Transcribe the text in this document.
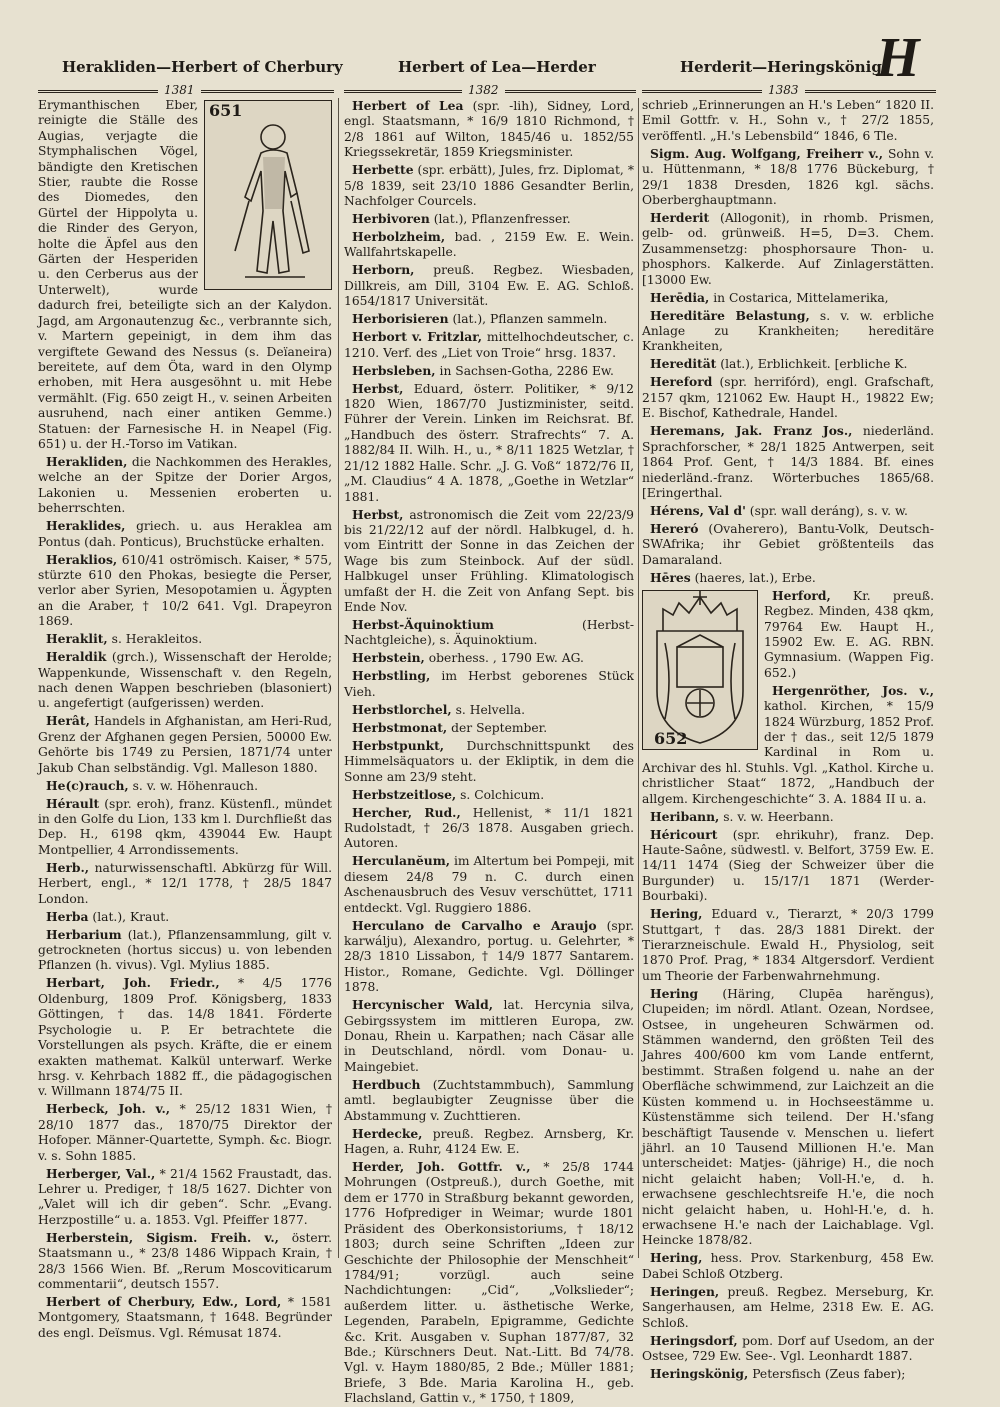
Herakliden—Herbert of Cherbury	Herbert of Lea—Herder	Herderit—Heringskönig
H
1381	1382	1383

651
Erymanthischen Eber, reinigte die Ställe des Augias, verjagte die Stymphalischen Vögel, bändigte den Kretischen Stier, raubte die Rosse des Diomedes, den Gürtel der Hippolyta u. die Rinder des Geryon, holte die Äpfel aus den Gärten der Hesperiden u. den Cerberus aus der Unterwelt), wurde dadurch frei, beteiligte sich an der Kalydon. Jagd, am Argonautenzug &c., verbrannte sich, v. Martern gepeinigt, in dem ihm das vergiftete Gewand des Nessus (s. Deïaneira) bereitete, auf dem Öta, ward in den Olymp erhoben, mit Hera ausgesöhnt u. mit Hebe vermählt. (Fig. 650 zeigt H., v. seinen Arbeiten ausruhend, nach einer antiken Gemme.) Statuen: der Farnesische H. in Neapel (Fig. 651) u. der H.-Torso im Vatikan.

Herakliden, die Nachkommen des Herakles, welche an der Spitze der Dorier Argos, Lakonien u. Messenien eroberten u. beherrschten.

Heraklides, griech. u. aus Herakleа am Pontus (dah. Ponticus), Bruchstücke erhalten.

Heraklios, 610/41 oströmisch. Kaiser, * 575, stürzte 610 den Phokas, besiegte die Perser, verlor aber Syrien, Mesopotamien u. Ägypten an die Araber, † 10/2 641. Vgl. Drapeyron 1869.

Heraklit, s. Herakleitos.

Heraldik (grch.), Wissenschaft der Herolde; Wappenkunde, Wissenschaft v. den Regeln, nach denen Wappen beschrieben (blasoniert) u. angefertigt (aufgerissen) werden.

Herât, Handels in Afghanistan, am Heri-Rud, Grenz der Afghanen gegen Persien, 50000 Ew. Gehörte bis 1749 zu Persien, 1871/74 unter Jakub Chan selbständig. Vgl. Malleson 1880.

He(c)rauch, s. v. w. Höhenrauch.

Hérault (spr. eroh), franz. Küstenfl., mündet in den Golfe du Lion, 133 km l. Durchfließt das Dep. H., 6198 qkm, 439044 Ew. Haupt Montpellier, 4 Arrondissements.

Herb., naturwissenschaftl. Abkürzg für Will. Herbert, engl., * 12/1 1778, † 28/5 1847 London.

Herba (lat.), Kraut.

Herbarium (lat.), Pflanzensammlung, gilt v. getrockneten (hortus siccus) u. von lebenden Pflanzen (h. vivus). Vgl. Mylius 1885.

Herbart, Joh. Friedr., * 4/5 1776 Oldenburg, 1809 Prof. Königsberg, 1833 Göttingen, † das. 14/8 1841. Förderte Psychologie u. P. Er betrachtete die Vorstellungen als psych. Kräfte, die er einem exakten mathemat. Kalkül unterwarf. Werke hrsg. v. Kehrbach 1882 ff., die pädagogischen v. Willmann 1874/75 II.

Herbeck, Joh. v., * 25/12 1831 Wien, † 28/10 1877 das., 1870/75 Direktor der Hofoper. Männer-Quartette, Symph. &c. Biogr. v. s. Sohn 1885.

Herberger, Val., * 21/4 1562 Fraustadt, das. Lehrer u. Prediger, † 18/5 1627. Dichter von „Valet will ich dir geben“. Schr. „Evang. Herzpostille“ u. a. 1853. Vgl. Pfeiffer 1877.

Herberstein, Sigism. Freih. v., österr. Staatsmann u., * 23/8 1486 Wippach Krain, † 28/3 1566 Wien. Bf. „Rerum Moscoviticarum commentarii“, deutsch 1557.

Herbert of Cherbury, Edw., Lord, * 1581 Montgomery, Staatsmann, † 1648. Begründer des engl. Deïsmus. Vgl. Rémusat 1874.

Herbert of Lea (spr. -lih), Sidney, Lord, engl. Staatsmann, * 16/9 1810 Richmond, † 2/8 1861 auf Wilton, 1845/46 u. 1852/55 Kriegssekretär, 1859 Kriegsminister.

Herbette (spr. erbätt), Jules, frz. Diplomat, * 5/8 1839, seit 23/10 1886 Gesandter Berlin, Nachfolger Courcels.

Herbivoren (lat.), Pflanzenfresser.

Herbolzheim, bad. , 2159 Ew. E. Wein. Wallfahrtskapelle.

Herborn, preuß. Regbez. Wiesbaden, Dillkreis, am Dill, 3104 Ew. E. AG. Schloß. 1654/1817 Universität.

Herborisieren (lat.), Pflanzen sammeln.

Herbort v. Fritzlar, mittelhochdeutscher, c. 1210. Verf. des „Liet von Troie“ hrsg. 1837.

Herbsleben, in Sachsen-Gotha, 2286 Ew.

Herbst, Eduard, österr. Politiker, * 9/12 1820 Wien, 1867/70 Justizminister, seitd. Führer der Verein. Linken im Reichsrat. Bf. „Handbuch des österr. Strafrechts“ 7. A. 1882/84 II. Wilh. H., u., * 8/11 1825 Wetzlar, † 21/12 1882 Halle. Schr. „J. G. Voß“ 1872/76 II, „M. Claudius“ 4 A. 1878, „Goethe in Wetzlar“ 1881.

Herbst, astronomisch die Zeit vom 22/23/9 bis 21/22/12 auf der nördl. Halbkugel, d. h. vom Eintritt der Sonne in das Zeichen der Wage bis zum Steinbock. Auf der südl. Halbkugel unser Frühling. Klimatologisch umfaßt der H. die Zeit von Anfang Sept. bis Ende Nov.

Herbst-Äquinoktium	(Herbst-Nachtgleiche), s. Äquinoktium.

Herbstein, oberhess. , 1790 Ew. AG.

Herbstling, im Herbst geborenes Stück Vieh.

Herbstlorchel, s. Helvella.

Herbstmonat, der September.

Herbstpunkt, Durchschnittspunkt des Himmelsäquators u. der Ekliptik, in dem die Sonne am 23/9 steht.

Herbstzeitlose, s. Colchicum.

Hercher, Rud., Hellenist, * 11/1 1821 Rudolstadt, † 26/3 1878. Ausgaben griech. Autoren.

Herculanĕum, im Altertum bei Pompeji, mit diesem 24/8 79 n. C. durch einen Aschenausbruch des Vesuv verschüttet, 1711 entdeckt. Vgl. Ruggiero 1886.

Herculano de Carvalho e Araujo (spr. karwálju), Alexandro, portug. u. Gelehrter, * 28/3 1810 Lissabon, † 14/9 1877 Santarem. Histor., Romane, Gedichte. Vgl. Döllinger 1878.

Hercynischer Wald, lat. Hercynia silva, Gebirgssystem im mittleren Europa, zw. Donau, Rhein u. Karpathen; nach Cäsar alle in Deutschland, nördl. vom Donau- u. Maingebiet.

Herdbuch (Zuchtstammbuch), Sammlung amtl. beglaubigter Zeugnisse über die Abstammung v. Zuchttieren.

Herdecke, preuß. Regbez. Arnsberg, Kr. Hagen, a. Ruhr, 4124 Ew. E.

Herder, Joh. Gottfr. v., * 25/8 1744 Mohrungen (Ostpreuß.), durch Goethe, mit dem er 1770 in Straßburg bekannt geworden, 1776 Hofprediger in Weimar; wurde 1801 Präsident des Oberkonsistoriums, † 18/12 1803; durch seine Schriften „Ideen zur Geschichte der Philosophie der Menschheit“ 1784/91; vorzügl. auch seine Nachdichtungen: „Cid“, „Volkslieder“; außerdem litter. u. ästhetische Werke, Legenden, Parabeln, Epigramme, Gedichte &c. Krit. Ausgaben v. Suphan 1877/87, 32 Bde.; Kürschners Deut. Nat.-Litt. Bd 74/78. Vgl. v. Haym 1880/85, 2 Bde.; Müller 1881; Briefe, 3 Bde. Maria Karolina H., geb. Flachsland, Gattin v., * 1750, † 1809,

schrieb „Erinnerungen an H.'s Leben“ 1820 II. Emil Gottfr. v. H., Sohn v., † 27/2 1855, veröffentl. „H.'s Lebensbild“ 1846, 6 Tle.

Sigm. Aug. Wolfgang, Freiherr v., Sohn v. u. Hüttenmann, * 18/8 1776 Bückeburg, † 29/1 1838 Dresden, 1826 kgl. sächs. Oberberghauptmann.

Herderit (Allogonit), in rhomb. Prismen, gelb- od. grünweiß. H=5, D=3. Chem. Zusammensetzg: phosphorsaure Thon- u. phosphors. Kalkerde. Auf Zinlagerstätten. [13000 Ew.

Herēdia, in Costarica, Mittelamerika,

Hereditäre Belastung, s. v. w. erbliche Anlage zu Krankheiten; hereditäre Krankheiten,

Heredität (lat.), Erblichkeit. [erbliche K.

Hereford (spr. herrifórd), engl. Grafschaft, 2157 qkm, 121062 Ew. Haupt H., 19822 Ew; E. Bischof, Kathedrale, Handel.

Heremans, Jak. Franz Jos., niederländ. Sprachforscher, * 28/1 1825 Antwerpen, seit 1864 Prof. Gent, † 14/3 1884. Bf. eines niederländ.-franz. Wörterbuches 1865/68. [Eringerthal.

Hérens, Val d' (spr. wall deráng), s. v. w.

Hereró (Ovaherero), Bantu-Volk, Deutsch-SWAfrika; ihr Gebiet größtenteils das Damaraland.

Hēres (haeres, lat.), Erbe.

652
Herford, Kr. preuß. Regbez. Minden, 438 qkm, 79764 Ew. Haupt H., 15902 Ew. E. AG. RBN. Gymnasium. (Wappen Fig. 652.)

Hergenröther, Jos. v., kathol. Kirchen, * 15/9 1824 Würzburg, 1852 Prof. der † das., seit 12/5 1879 Kardinal in Rom u. Archivar des hl. Stuhls. Vgl. „Kathol. Kirche u. christlicher Staat“ 1872, „Handbuch der allgem. Kirchengeschichte“ 3. A. 1884 II u. a.

Heribann, s. v. w. Heerbann.

Héricourt (spr. ehrikuhr), franz. Dep. Haute-Saône, südwestl. v. Belfort, 3759 Ew. E. 14/11 1474 (Sieg der Schweizer über die Burgunder) u. 15/17/1 1871 (Werder-Bourbaki).

Hering, Eduard v., Tierarzt, * 20/3 1799 Stuttgart, † das. 28/3 1881 Direkt. der Tierarzneischule. Ewald H., Physiolog, seit 1870 Prof. Prag, * 1834 Altgersdorf. Verdient um Theorie der Farbenwahrnehmung.

Hering (Häring, Clupēa harĕngus), Clupeiden; im nördl. Atlant. Ozean, Nordsee, Ostsee, in ungeheuren Schwärmen od. Stämmen wandernd, den größten Teil des Jahres 400/600 km vom Lande entfernt, bestimmt. Straßen folgend u. nahe an der Oberfläche schwimmend, zur Laichzeit an die Küsten kommend u. in Hochseestämme u. Küstenstämme sich teilend. Der H.'sfang beschäftigt Tausende v. Menschen u. liefert jährl. an 10 Tausend Millionen H.'e. Man unterscheidet: Matjes- (jährige) H., die noch nicht gelaicht haben; Voll-H.'e, d. h. erwachsene geschlechtsreife H.'e, die noch nicht gelaicht haben, u. Hohl-H.'e, d. h. erwachsene H.'e nach der Laichablage. Vgl. Heincke 1878/82.

Hering, hess. Prov. Starkenburg, 458 Ew. Dabei Schloß Otzberg.

Heringen, preuß. Regbez. Merseburg, Kr. Sangerhausen, am Helme, 2318 Ew. E. AG. Schloß.

Heringsdorf, pom. Dorf auf Usedom, an der Ostsee, 729 Ew. See-. Vgl. Leonhardt 1887.

Heringskönig, Petersfisch (Zeus faber);
